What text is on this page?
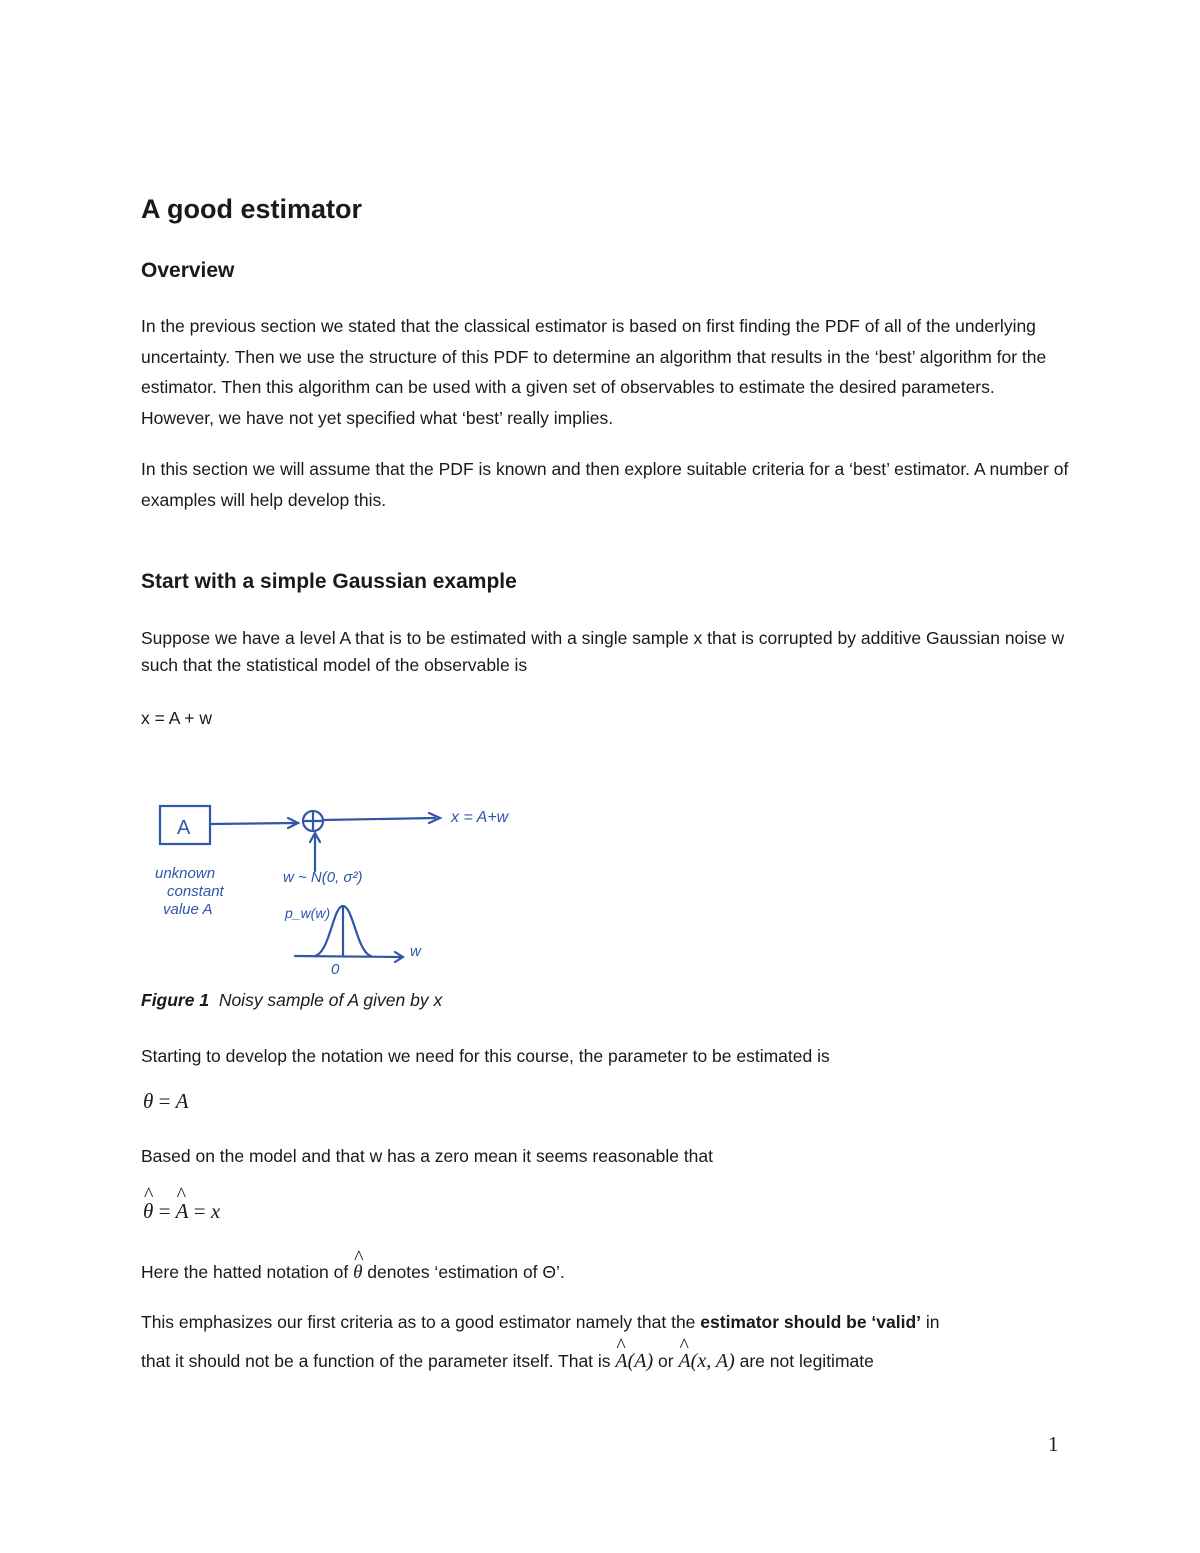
A good estimator
Overview

In the previous section we stated that the classical estimator is based on first finding the PDF of all of the underlying uncertainty. Then we use the structure of this PDF to determine an algorithm that results in the ‘best’ algorithm for the estimator. Then this algorithm can be used with a given set of observables to estimate the desired parameters. However, we have not yet specified what ‘best’ really implies.

In this section we will assume that the PDF is known and then explore suitable criteria for a ‘best’ estimator. A number of examples will help develop this.

Start with a simple Gaussian example

Suppose we have a level A that is to be estimated with a single sample x that is corrupted by additive Gaussian noise w such that the statistical model of the observable is

x = A + w
A
unknown
constant
value A
x = A+w
w ~ N(0, σ²)
p_w(w)
w
0
Figure 1 Noisy sample of A given by x

Starting to develop the notation we need for this course, the parameter to be estimated is

θ = A

Based on the model and that w has a zero mean it seems reasonable that

^ θ = ^ A = x
Here the hatted notation of ^ θ denotes ‘estimation of Θ’.
This emphasizes our first criteria as to a good estimator namely that the estimator should be ‘valid’ in
that it should not be a function of the parameter itself. That is ^ A(A) or ^ A(x, A) are not legitimate
1
